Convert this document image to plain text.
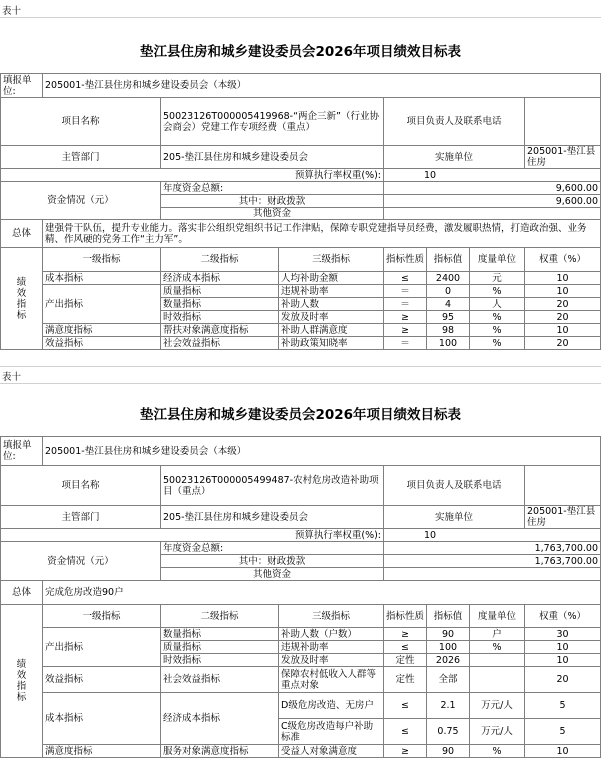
表十
垫江县住房和城乡建设委员会2026年项目绩效目标表
填报单位:	205001-垫江县住房和城乡建设委员会（本级）						
项目名称		50023126T000005419968-“两企三新”（行业协会商会）党建工作专项经费（重点）		项目负责人及联系电话			
主管部门		205-垫江县住房和城乡建设委员会		实施单位			205001-垫江县住房
预算执行率权重(%):				10			
资金情况（元）		年度资金总额:		9,600.00			
		其中：财政拨款		9,600.00			
		其他资金					
总体	建强骨干队伍，提升专业能力。落实非公组织党组织书记工作津贴，保障专职党建指导员经费，激发履职热情，打造政治强、业务精、作风硬的党务工作“主力军”。						
绩效指标	一级指标	二级指标	三级指标	指标性质	指标值	度量单位	权重（%）
	成本指标	经济成本指标	人均补助金额	≤	2400	元	10
	产出指标	质量指标	违规补助率	＝	0	%	10
		数量指标	补助人数	＝	4	人	20
		时效指标	发放及时率	≥	95	%	20
	满意度指标	帮扶对象满意度指标	补助人群满意度	≥	98	%	10
	效益指标	社会效益指标	补助政策知晓率	＝	100	%	20
表十
垫江县住房和城乡建设委员会2026年项目绩效目标表
填报单位:	205001-垫江县住房和城乡建设委员会（本级）						
项目名称		50023126T000005499487-农村危房改造补助项目（重点）		项目负责人及联系电话			
主管部门		205-垫江县住房和城乡建设委员会		实施单位			205001-垫江县住房
预算执行率权重(%):				10			
资金情况（元）		年度资金总额:		1,763,700.00			
		其中：财政拨款		1,763,700.00			
		其他资金					
总体	完成危房改造90户						
绩效指标	一级指标	二级指标	三级指标	指标性质	指标值	度量单位	权重（%）
	产出指标	数量指标	补助人数（户数）	≥	90	户	30
		质量指标	违规补助率	≤	100	%	10
		时效指标	发放及时率	定性	2026		10
	效益指标	社会效益指标	保障农村低收入人群等重点对象	定性	全部		20
	成本指标	经济成本指标	D级危房改造、无房户	≤	2.1	万元/人	5
			C级危房改造每户补助标准	≤	0.75	万元/人	5
	满意度指标	服务对象满意度指标	受益人对象满意度	≥	90	%	10
